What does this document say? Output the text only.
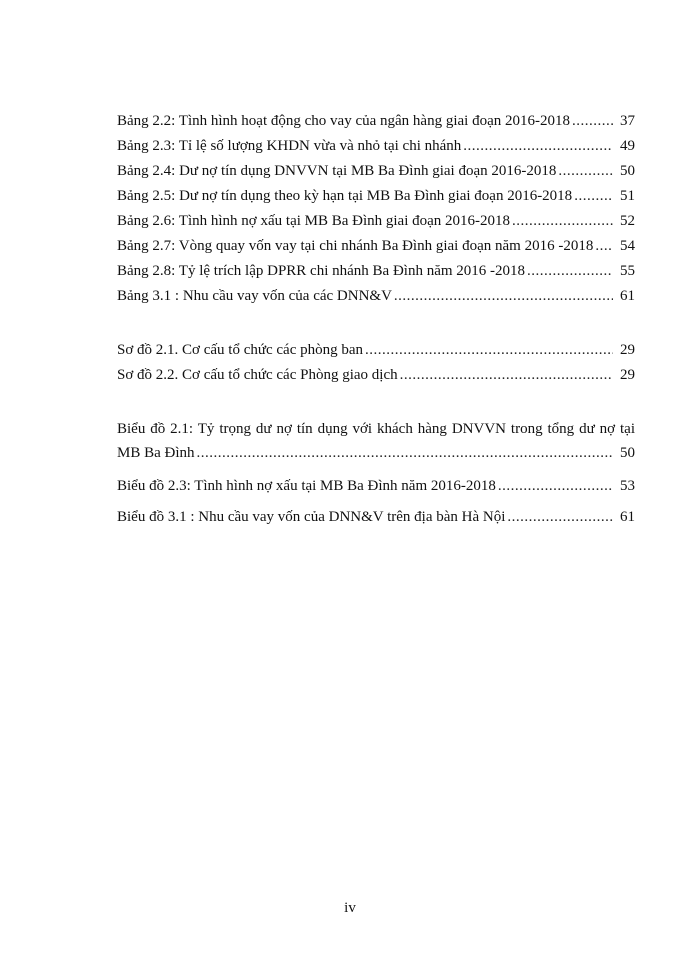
Bảng 2.2: Tình hình hoạt động cho vay của ngân hàng giai đoạn 2016-2018 .....	37
Bảng 2.3: Tỉ lệ số lượng KHDN vừa và nhỏ tại chi nhánh .....	49
Bảng 2.4: Dư nợ tín dụng DNVVN tại MB Ba Đình giai đoạn 2016-2018 .....	50
Bảng 2.5: Dư nợ tín dụng theo kỳ hạn tại MB Ba Đình giai đoạn 2016-2018 .....	51
Bảng 2.6: Tình hình nợ xấu tại MB Ba Đình giai đoạn 2016-2018 .....	52
Bảng 2.7: Vòng quay vốn vay tại chi nhánh Ba Đình giai đoạn năm 2016 -2018 ..... 54
Bảng 2.8: Tỷ lệ trích lập DPRR chi nhánh Ba Đình năm 2016 -2018 .....	55
Bảng 3.1 : Nhu cầu vay vốn của các DNN&V .....	61
Sơ đồ 2.1. Cơ cấu tổ chức các phòng ban .....	29
Sơ đồ 2.2. Cơ cấu tổ chức các Phòng giao dịch .....	29
Biểu đồ 2.1: Tỷ trọng dư nợ tín dụng với khách hàng DNVVN trong tổng dư nợ tại
MB Ba Đình .....	50
Biểu đồ 2.3: Tình hình nợ xấu tại MB Ba Đình năm 2016-2018 .....	53
Biểu đồ 3.1 : Nhu cầu vay vốn của DNN&V trên địa bàn Hà Nội .....	61
iv
